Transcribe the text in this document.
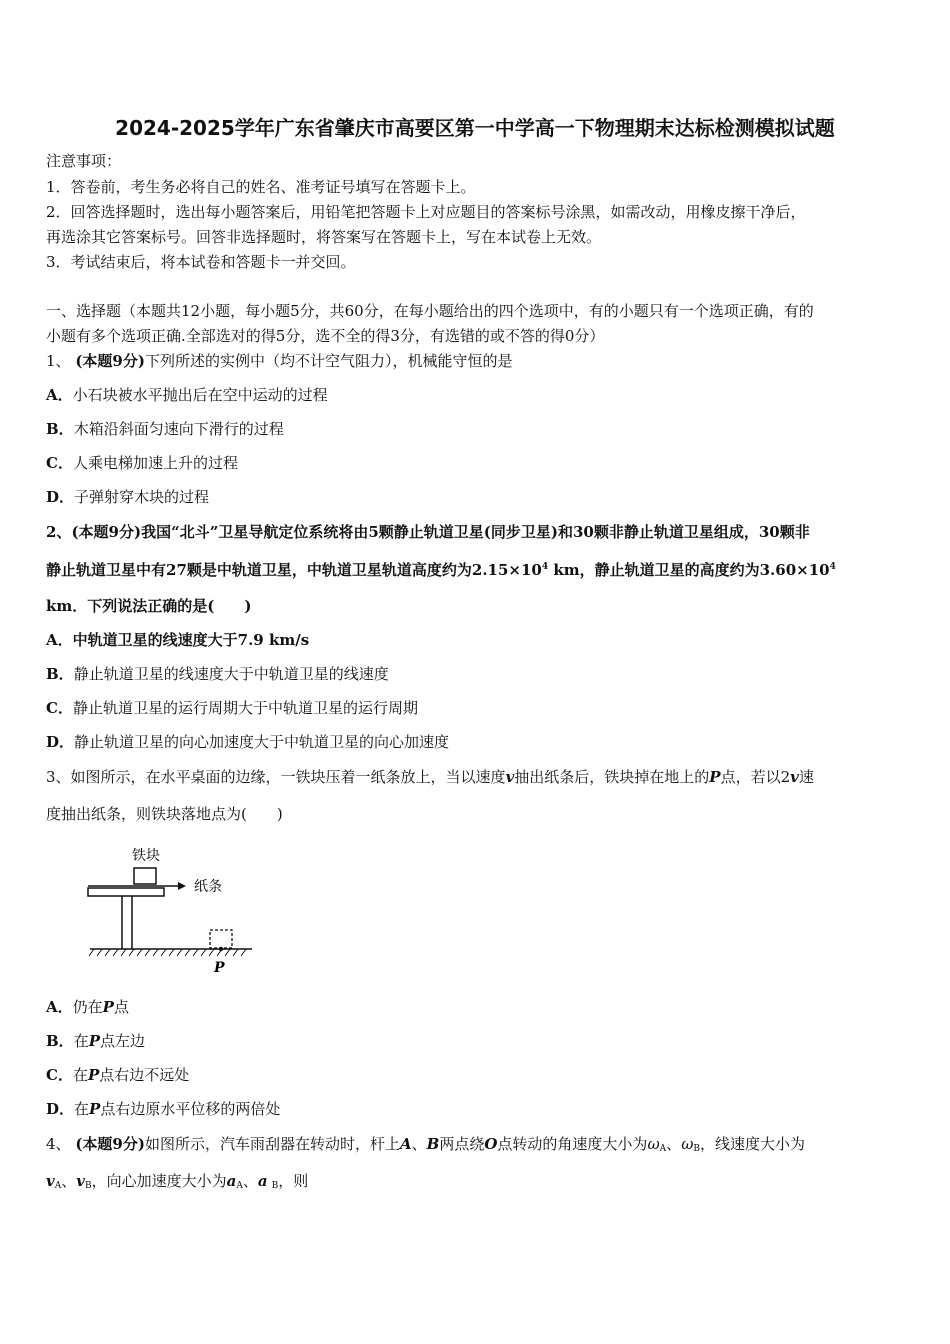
2024-2025学年广东省肇庆市高要区第一中学高一下物理期末达标检测模拟试题
注意事项：
1．答卷前，考生务必将自己的姓名、准考证号填写在答题卡上。
2．回答选择题时，选出每小题答案后，用铅笔把答题卡上对应题目的答案标号涂黑，如需改动，用橡皮擦干净后，
再选涂其它答案标号。回答非选择题时，将答案写在答题卡上，写在本试卷上无效。
3．考试结束后，将本试卷和答题卡一并交回。
一、选择题（本题共12小题，每小题5分，共60分，在每小题给出的四个选项中，有的小题只有一个选项正确，有的
小题有多个选项正确.全部选对的得5分，选不全的得3分，有选错的或不答的得0分）
1、 (本题9分)下列所述的实例中（均不计空气阻力），机械能守恒的是
A．小石块被水平抛出后在空中运动的过程
B．木箱沿斜面匀速向下滑行的过程
C．人乘电梯加速上升的过程
D．子弹射穿木块的过程
2、(本题9分)我国“北斗”卫星导航定位系统将由5颗静止轨道卫星(同步卫星)和30颗非静止轨道卫星组成，30颗非
静止轨道卫星中有27颗是中轨道卫星，中轨道卫星轨道高度约为$2.15\times 10^4$ km，静止轨道卫星的高度约为$3.60\times 10^4$
km．下列说法正确的是(　　)
A．中轨道卫星的线速度大于7.9 km/s
B．静止轨道卫星的线速度大于中轨道卫星的线速度
C．静止轨道卫星的运行周期大于中轨道卫星的运行周期
D．静止轨道卫星的向心加速度大于中轨道卫星的向心加速度
3、如图所示，在水平桌面的边缘，一铁块压着一纸条放上，当以速度v抽出纸条后，铁块掉在地上的P点，若以2v速
度抽出纸条，则铁块落地点为(　　)
铁块
纸条
P
A．仍在P点
B．在P点左边
C．在P点右边不远处
D．在P点右边原水平位移的两倍处
4、 (本题9分)如图所示，汽车雨刮器在转动时，杆上A、B两点绕O点转动的角速度大小为$\omega_A$、$\omega_B$，线速度大小为
$v_A$、$v_B$，向心加速度大小为$a_A$、a $_B$，则
